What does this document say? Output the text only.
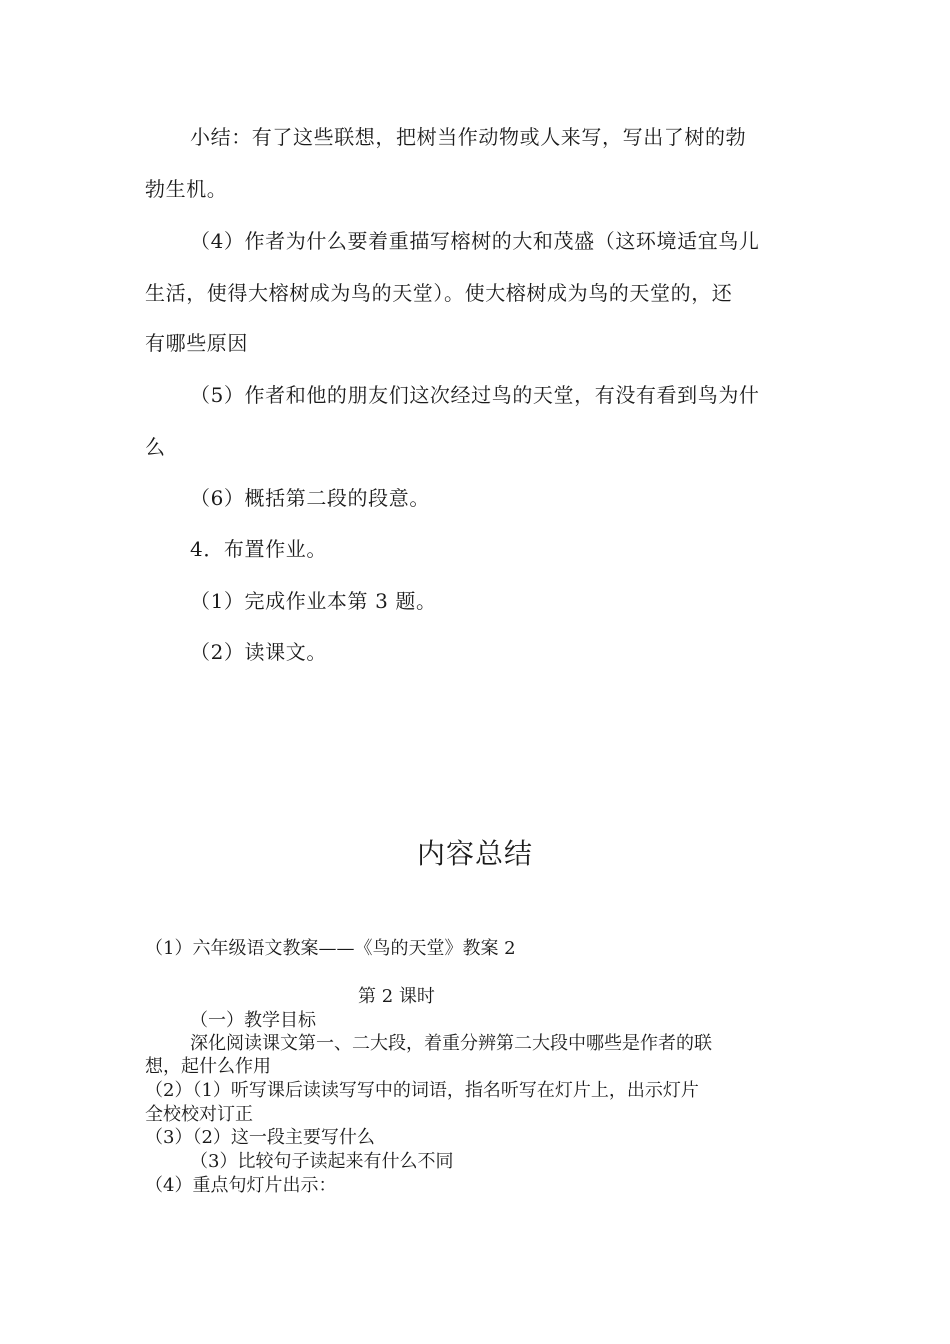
小结：有了这些联想，把树当作动物或人来写，写出了树的勃
勃生机。
（4）作者为什么要着重描写榕树的大和茂盛（这环境适宜鸟儿
生活，使得大榕树成为鸟的天堂）。使大榕树成为鸟的天堂的，还
有哪些原因
（5）作者和他的朋友们这次经过鸟的天堂，有没有看到鸟为什
么
（6）概括第二段的段意。
4．布置作业。
（1）完成作业本第 3 题。
（2）读课文。
内容总结
（1）六年级语文教案——《鸟的天堂》教案 2
第 2 课时
（一）教学目标
深化阅读课文第一、二大段，着重分辨第二大段中哪些是作者的联
想，起什么作用
（2）（1）听写课后读读写写中的词语，指名听写在灯片上，出示灯片
全校校对订正
（3）（2）这一段主要写什么
（3）比较句子读起来有什么不同
（4）重点句灯片出示：
